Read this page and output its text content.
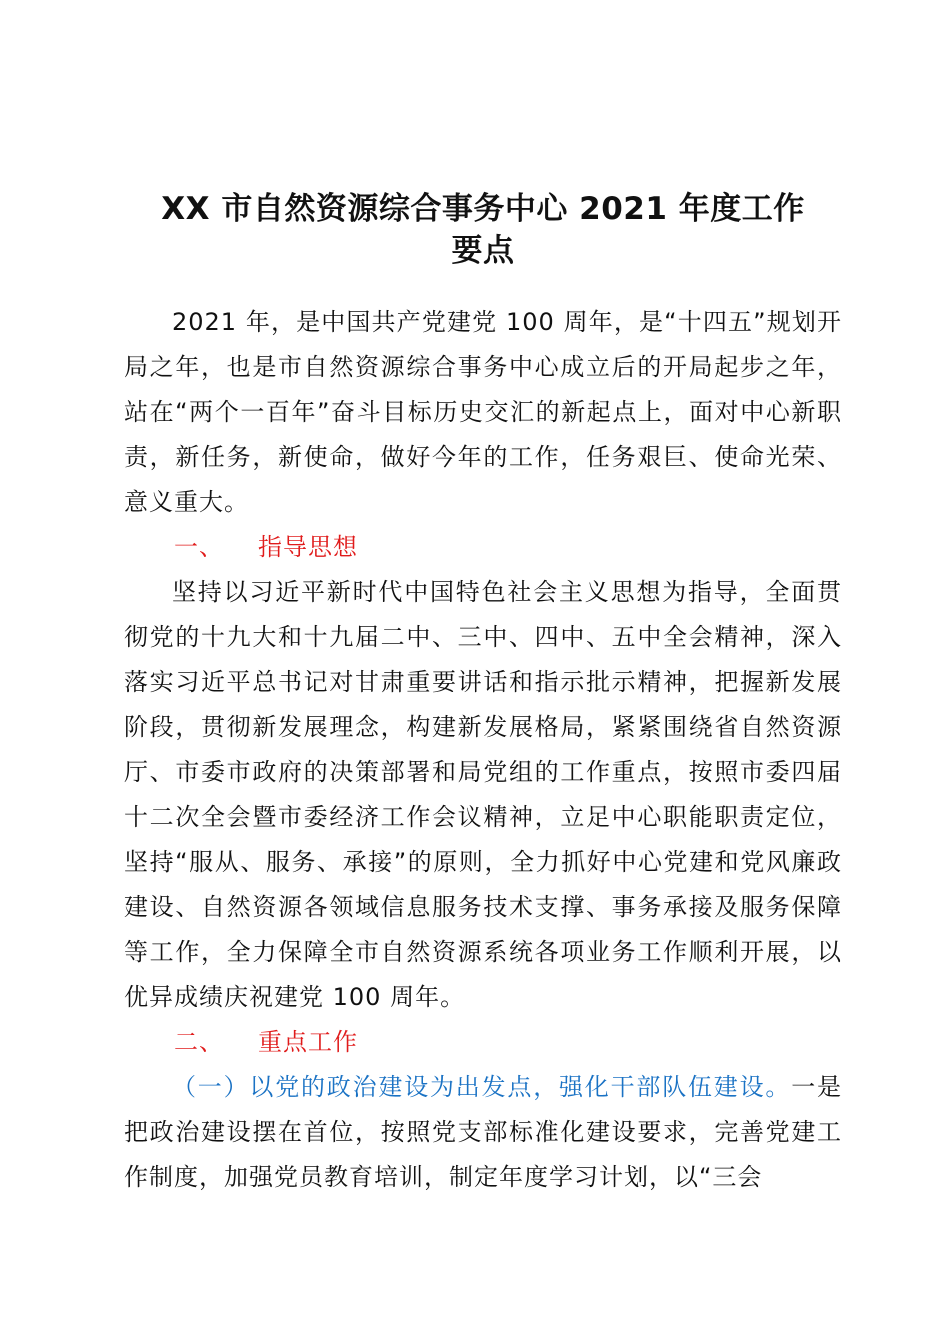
XX 市自然资源综合事务中心 2021 年度工作
要点

2021 年，是中国共产党建党 100 周年，是“十四五”规划开局之年，也是市自然资源综合事务中心成立后的开局起步之年，站在“两个一百年”奋斗目标历史交汇的新起点上，面对中心新职责，新任务，新使命，做好今年的工作，任务艰巨、使命光荣、意义重大。

一、 指导思想

坚持以习近平新时代中国特色社会主义思想为指导，全面贯彻党的十九大和十九届二中、三中、四中、五中全会精神，深入落实习近平总书记对甘肃重要讲话和指示批示精神，把握新发展阶段，贯彻新发展理念，构建新发展格局，紧紧围绕省自然资源厅、市委市政府的决策部署和局党组的工作重点，按照市委四届十二次全会暨市委经济工作会议精神，立足中心职能职责定位，坚持“服从、服务、承接”的原则，全力抓好中心党建和党风廉政建设、自然资源各领域信息服务技术支撑、事务承接及服务保障等工作，全力保障全市自然资源系统各项业务工作顺利开展，以优异成绩庆祝建党 100 周年。

二、 重点工作

（一）以党的政治建设为出发点，强化干部队伍建设。一是把政治建设摆在首位，按照党支部标准化建设要求，完善党建工作制度，加强党员教育培训，制定年度学习计划，以“三会
